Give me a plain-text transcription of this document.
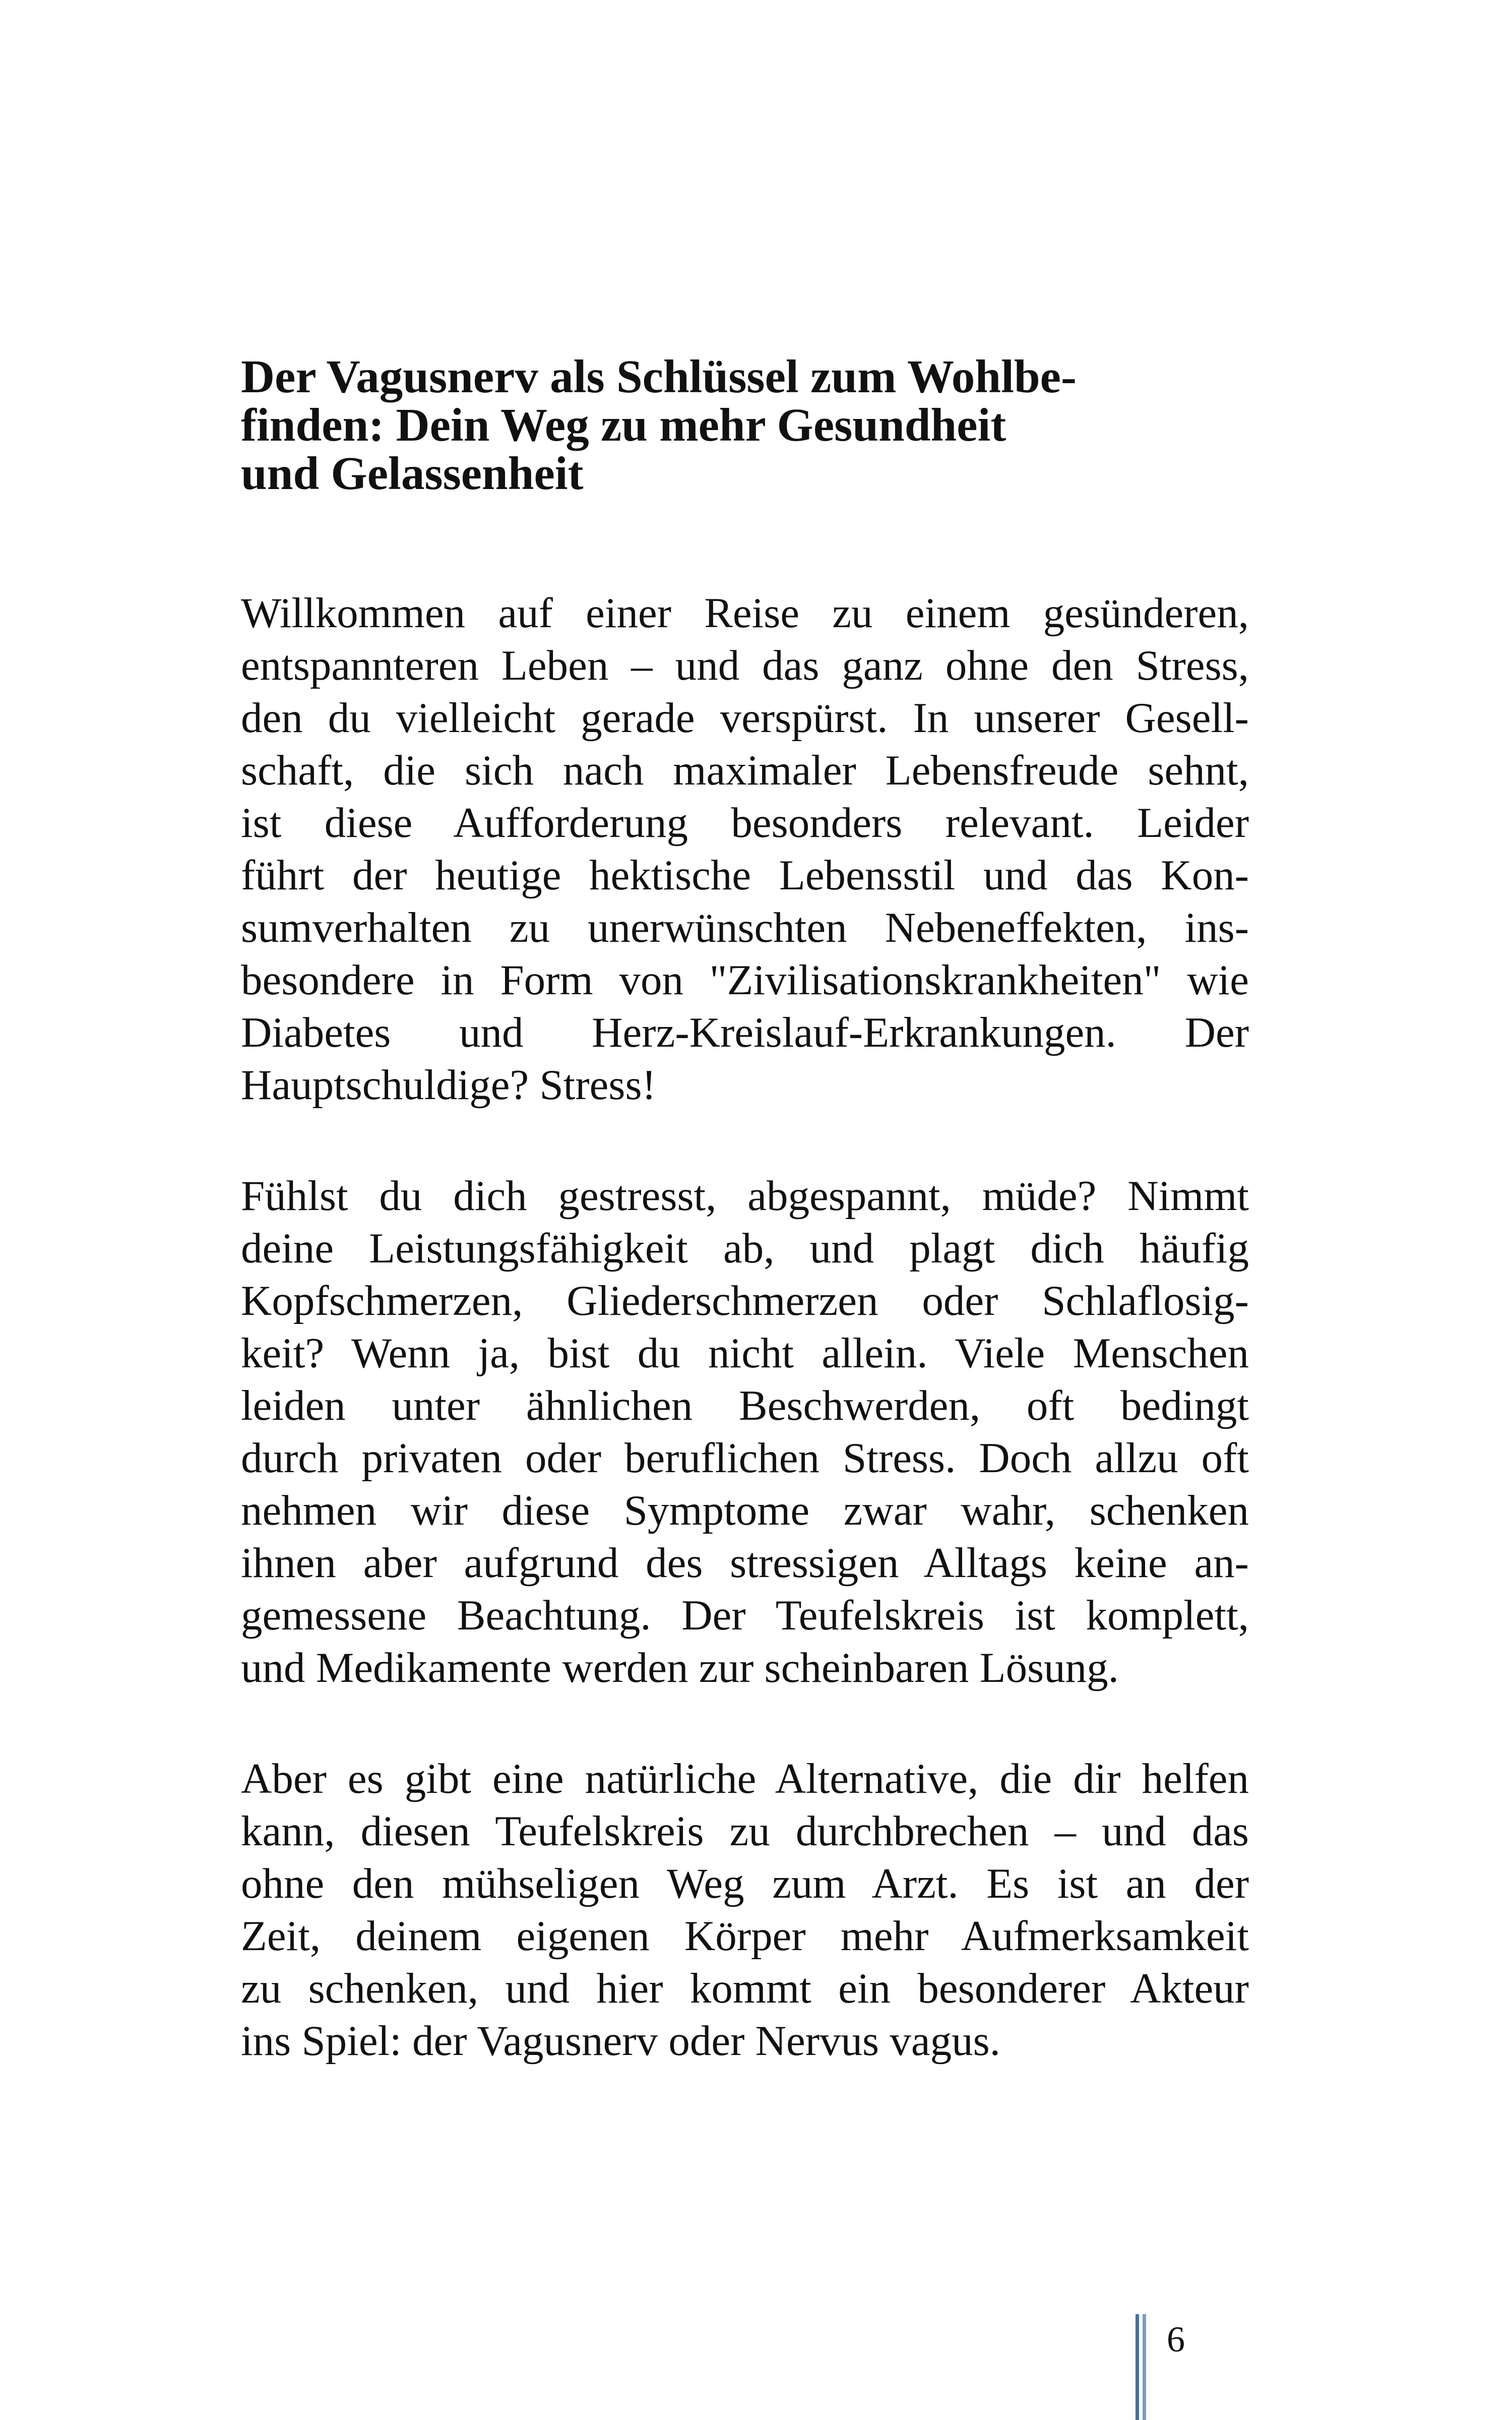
Der Vagusnerv als Schlüssel zum Wohlbe-
finden: Dein Weg zu mehr Gesundheit
und Gelassenheit

Willkommen auf einer Reise zu einem gesünderen,
entspannteren Leben – und das ganz ohne den Stress,
den du vielleicht gerade verspürst. In unserer Gesell-
schaft, die sich nach maximaler Lebensfreude sehnt,
ist diese Aufforderung besonders relevant. Leider
führt der heutige hektische Lebensstil und das Kon-
sumverhalten zu unerwünschten Nebeneffekten, ins-
besondere in Form von "Zivilisationskrankheiten" wie
Diabetes und Herz-Kreislauf-Erkrankungen. Der
Hauptschuldige? Stress!

Fühlst du dich gestresst, abgespannt, müde? Nimmt
deine Leistungsfähigkeit ab, und plagt dich häufig
Kopfschmerzen, Gliederschmerzen oder Schlaflosig-
keit? Wenn ja, bist du nicht allein. Viele Menschen
leiden unter ähnlichen Beschwerden, oft bedingt
durch privaten oder beruflichen Stress. Doch allzu oft
nehmen wir diese Symptome zwar wahr, schenken
ihnen aber aufgrund des stressigen Alltags keine an-
gemessene Beachtung. Der Teufelskreis ist komplett,
und Medikamente werden zur scheinbaren Lösung.

Aber es gibt eine natürliche Alternative, die dir helfen
kann, diesen Teufelskreis zu durchbrechen – und das
ohne den mühseligen Weg zum Arzt. Es ist an der
Zeit, deinem eigenen Körper mehr Aufmerksamkeit
zu schenken, und hier kommt ein besonderer Akteur
ins Spiel: der Vagusnerv oder Nervus vagus.

6
